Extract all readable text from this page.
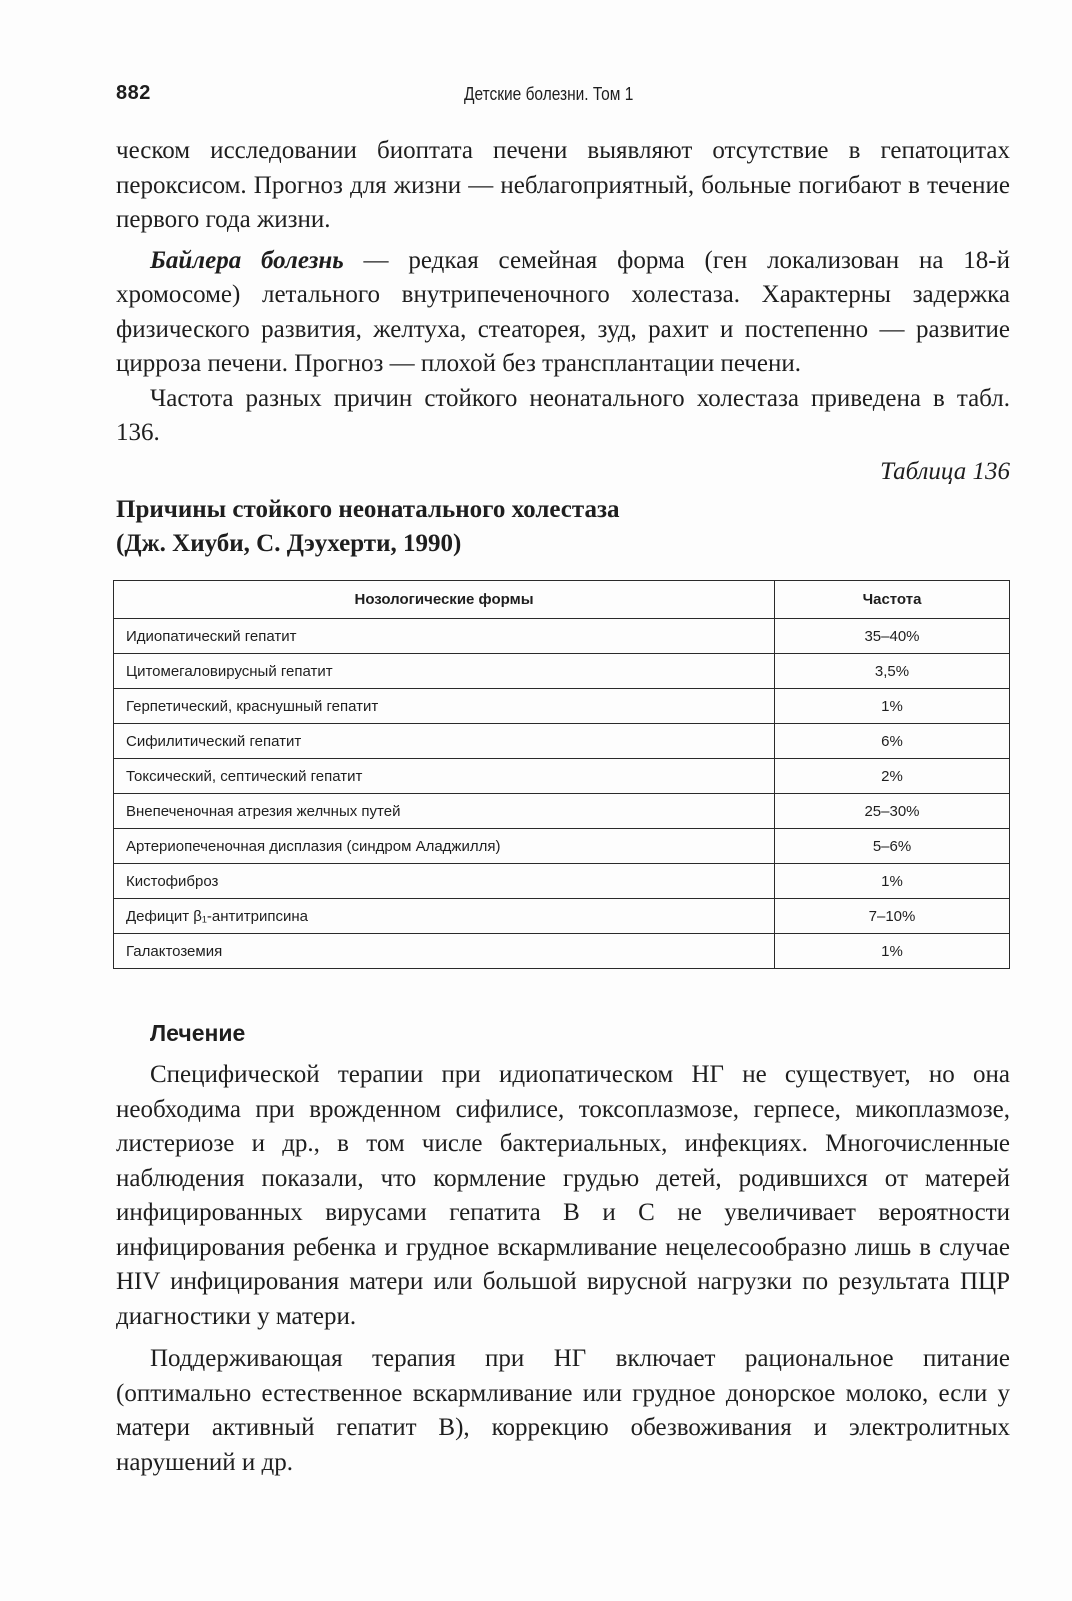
882	Детские болезни. Том 1

ческом исследовании биоптата печени выявляют отсутствие в гепатоцитах пероксисом. Прогноз для жизни — неблагоприятный, больные погибают в течение первого года жизни.

Байлера болезнь — редкая семейная форма (ген локализован на 18-й хромосоме) летального внутрипеченочного холестаза. Характерны задержка физического развития, желтуха, стеаторея, зуд, рахит и постепенно — развитие цирроза печени. Прогноз — плохой без трансплантации печени.

Частота разных причин стойкого неонатального холестаза приведена в табл. 136.

Таблица 136
Причины стойкого неонатального холестаза
(Дж. Хиуби, С. Дэухерти, 1990)
Нозологические формы	Частота
Идиопатический гепатит	35–40%
Цитомегаловирусный гепатит	3,5%
Герпетический, краснушный гепатит	1%
Сифилитический гепатит	6%
Токсический, септический гепатит	2%
Внепеченочная атрезия желчных путей	25–30%
Артериопеченочная дисплазия (синдром Аладжилля)	5–6%
Кистофиброз	1%
Дефицит β₁-антитрипсина	7–10%
Галактоземия	1%
Лечение

Специфической терапии при идиопатическом НГ не существует, но она необходима при врожденном сифилисе, токсоплазмозе, герпесе, микоплазмозе, листериозе и др., в том числе бактериальных, инфекциях. Многочисленные наблюдения показали, что кормление грудью детей, родившихся от матерей инфицированных вирусами гепатита В и С не увеличивает вероятности инфицирования ребенка и грудное вскармливание нецелесообразно лишь в случае HIV инфицирования матери или большой вирусной нагрузки по результата ПЦР диагностики у матери.

Поддерживающая терапия при НГ включает рациональное питание (оптимально естественное вскармливание или грудное донорское молоко, если у матери активный гепатит В), коррекцию обезвоживания и электролитных нарушений и др.
